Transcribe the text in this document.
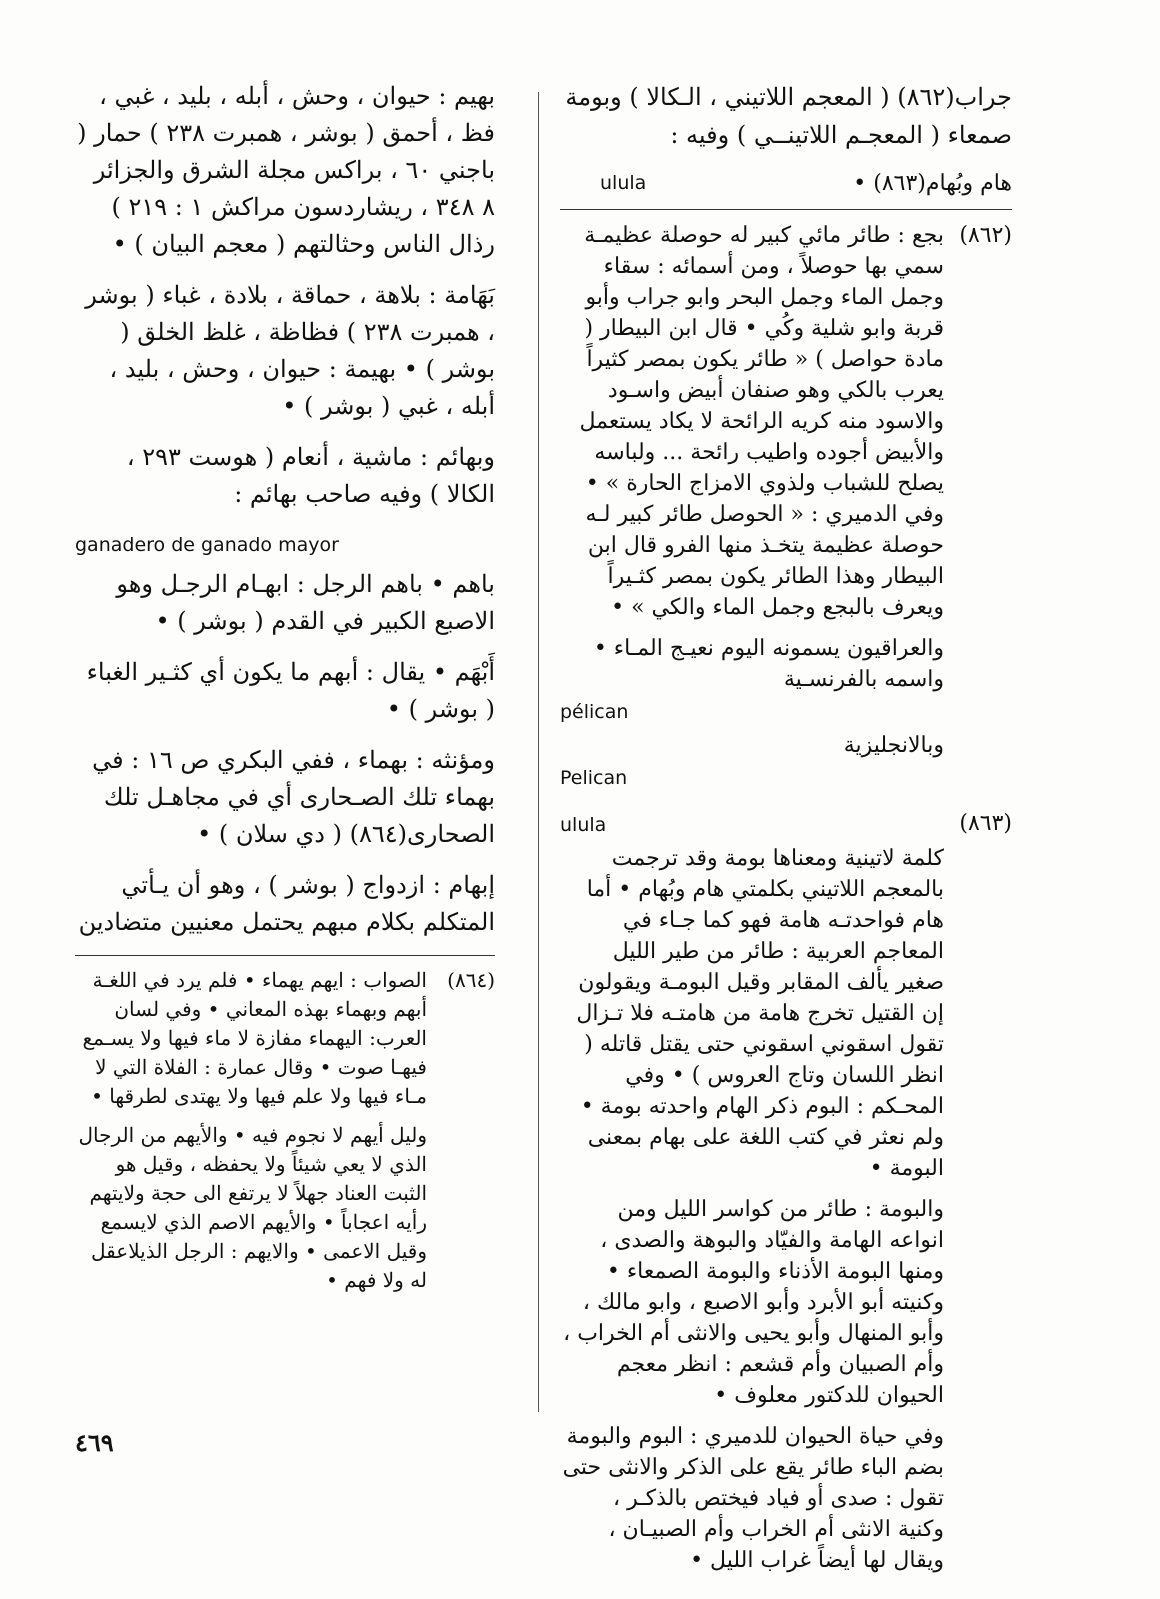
جراب(٨٦٢) ( المعجم اللاتيني ، الـكالا ) وبومة صمعاء ( المعجـم اللاتينــي ) وفيه :
ulula	هام وبُهام(٨٦٣) •
(٨٦٢)
بجع : طائر مائي كبير له حوصلة عظيمـة سمي بها حوصلاً ، ومن أسمائه : سقاء وجمل الماء وجمل البحر وابو جراب وأبو قربة وابو شلية وكُي • قال ابن البيطار ( مادة حواصل ) « طائر يكون بمصر كثيراً يعرب بالكي وهو صنفان أبيض واسـود والاسود منه كريه الرائحة لا يكاد يستعمل والأبيض أجوده واطيب رائحة ... ولباسه يصلح للشباب ولذوي الامزاج الحارة » • وفي الدميري : « الحوصل طائر كبير لـه حوصلة عظيمة يتخـذ منها الفرو قال ابن البيطار وهذا الطائر يكون بمصر كثـيراً ويعرف بالبجع وجمل الماء والكي » •
والعراقيون يسمونه اليوم نعيـج المـاء • واسمه بالفرنسـية
pélican
وبالانجليزية
Pelican
(٨٦٣)
ulula
كلمة لاتينية ومعناها بومة وقد ترجمت بالمعجم اللاتيني بكلمتي هام وبُهام • أما هام فواحدتـه هامة فهو كما جـاء في المعاجم العربية : طائر من طير الليل صغير يألف المقابر وقيل البومـة ويقولون إن القتيل تخرج هامة من هامتـه فلا تـزال تقول اسقوني اسقوني حتى يقتل قاتله ( انظر اللسان وتاج العروس ) • وفي المحـكم : البوم ذكر الهام واحدته بومة • ولم نعثر في كتب اللغة على بهام بمعنى البومة •
والبومة : طائر من كواسر الليل ومن انواعه الهامة والفيّاد والبوهة والصدى ، ومنها البومة الأذناء والبومة الصمعاء • وكنيته أبو الأبرد وأبو الاصبع ، وابو مالك ، وأبو المنهال وأبو يحيى والانثى أم الخراب ، وأم الصبيان وأم قشعم : انظر معجم الحيوان للدكتور معلوف •
وفي حياة الحيوان للدميري : البوم والبومة بضم الباء طائر يقع على الذكر والانثى حتى تقول : صدى أو فياد فيختص بالذكـر ، وكنية الانثى أم الخراب وأم الصبيـان ، ويقال لها أيضاً غراب الليل •
بهيم : حيوان ، وحش ، أبله ، بليد ، غبي ، فظ ، أحمق ( بوشر ، همبرت ٢٣٨ ) حمار ( باجني ٦٠ ، براكس مجلة الشرق والجزائر ٨ ٣٤٨ ، ريشاردسون مراكش ١ : ٢١٩ ) رذال الناس وحثالتهم ( معجم البيان ) •
بَهَامة : بلاهة ، حماقة ، بلادة ، غباء ( بوشر ، همبرت ٢٣٨ ) فظاظة ، غلظ الخلق ( بوشر ) • بهيمة : حيوان ، وحش ، بليد ، أبله ، غبي ( بوشر ) •
وبهائم : ماشية ، أنعام ( هوست ٢٩٣ ، الكالا ) وفيه صاحب بهائم :
ganadero de ganado mayor
باهم • باهم الرجل : ابهـام الرجـل وهو الاصبع الكبير في القدم ( بوشر ) •
أَبْهَم • يقال : أبهم ما يكون أي كثـير الغباء ( بوشر ) •
ومؤنثه : بهماء ، ففي البكري ص ١٦ : في بهماء تلك الصـحارى أي في مجاهـل تلك الصحارى(٨٦٤) ( دي سلان ) •
إبهام : ازدواج ( بوشر ) ، وهو أن يـأتي المتكلم بكلام مبهم يحتمل معنيين متضادين
(٨٦٤)
الصواب : ايهم يهماء • فلم يرد في اللغـة أبهم وبهماء بهذه المعاني • وفي لسان العرب: اليهماء مفازة لا ماء فيها ولا يسـمع فيهـا صوت • وقال عمارة : الفلاة التي لا مـاء فيها ولا علم فيها ولا يهتدى لطرقها •
وليل أيهم لا نجوم فيه • والأيهم من الرجال الذي لا يعي شيئاً ولا يحفظه ، وقيل هو الثبت العناد جهلاً لا يرتفع الى حجة ولايتهم رأيه اعجاباً • والأيهم الاصم الذي لايسمع وقيل الاعمى • والايهم : الرجل الذيلاعقل له ولا فهم •
٤٦٩
